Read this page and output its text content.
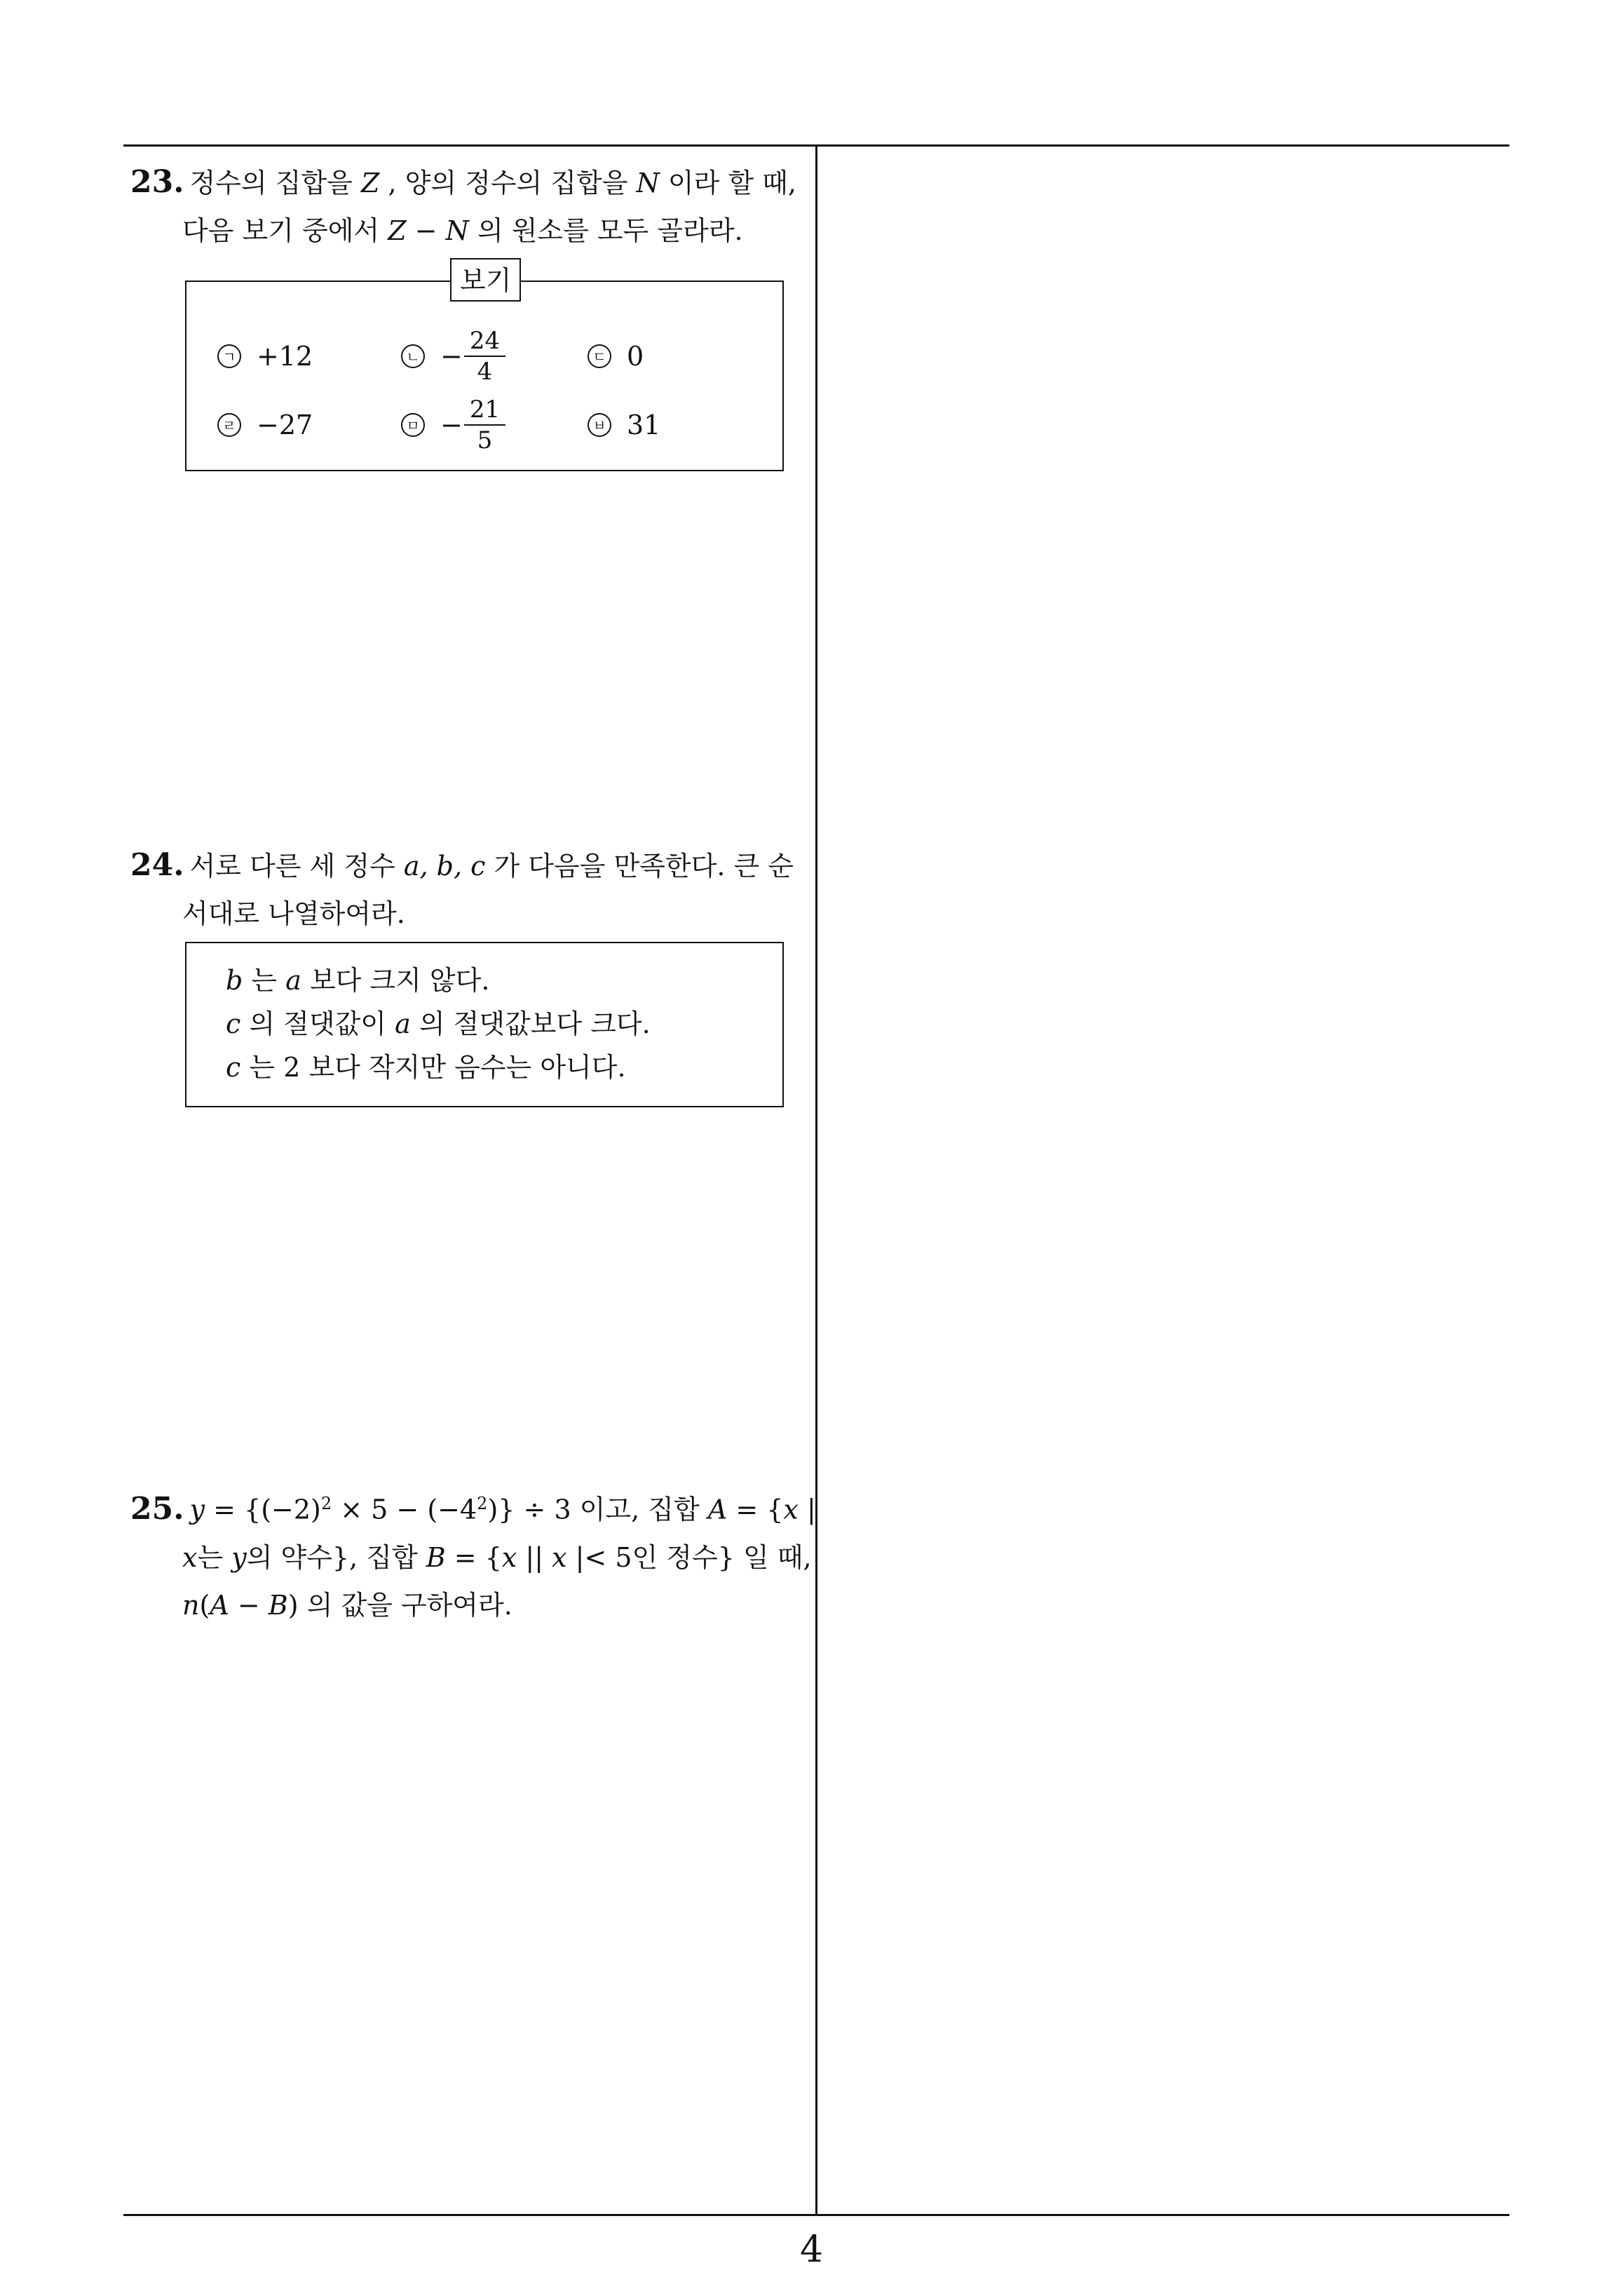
23. 정수의 집합을 Z , 양의 정수의 집합을 N 이라 할 때,
다음 보기 중에서 Z − N 의 원소를 모두 골라라.
보기
ㄱ +12	ㄴ − $\frac{24}{4}$	ㄷ 0
ㄹ −27	ㅁ − $\frac{21}{5}$	ㅂ 31
24. 서로 다른 세 정수 a, b, c 가 다음을 만족한다. 큰 순
서대로 나열하여라.
b 는 a 보다 크지 않다.
c 의 절댓값이 a 의 절댓값보다 크다.
c 는 2 보다 작지만 음수는 아니다.
25. $y = \{(-2)^2 \times 5 - (-4^2)\} \div 3$ 이고, 집합 A = {x |
x는 y의 약수}, 집합 B = {x || x |< 5인 정수} 일 때,
n(A − B) 의 값을 구하여라.
4
